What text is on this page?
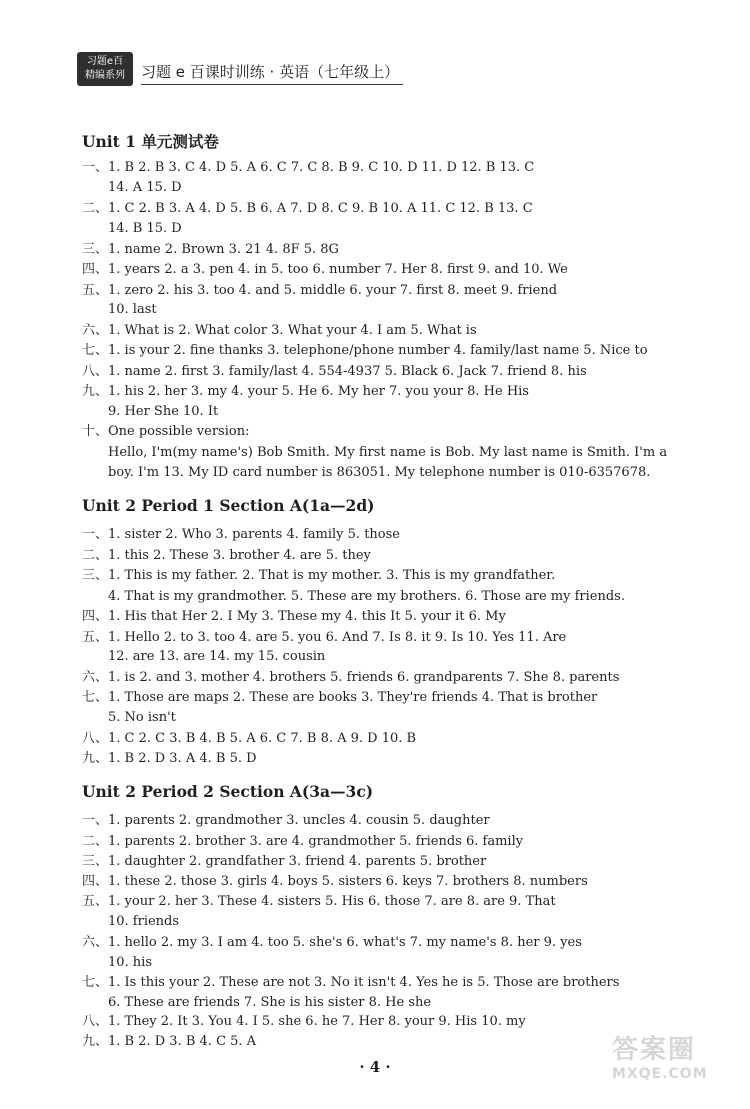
习题e百
精编系列	习题 e 百课时训练 · 英语（七年级上）
Unit 1 单元测试卷
一、1. B 2. B 3. C 4. D 5. A 6. C 7. C 8. B 9. C 10. D 11. D 12. B 13. C
14. A 15. D
二、1. C 2. B 3. A 4. D 5. B 6. A 7. D 8. C 9. B 10. A 11. C 12. B 13. C
14. B 15. D
三、1. name 2. Brown 3. 21 4. 8F 5. 8G
四、1. years 2. a 3. pen 4. in 5. too 6. number 7. Her 8. first 9. and 10. We
五、1. zero 2. his 3. too 4. and 5. middle 6. your 7. first 8. meet 9. friend
10. last
六、1. What is 2. What color 3. What your 4. I am 5. What is
七、1. is your 2. fine thanks 3. telephone/phone number 4. family/last name 5. Nice to
八、1. name 2. first 3. family/last 4. 554-4937 5. Black 6. Jack 7. friend 8. his
九、1. his 2. her 3. my 4. your 5. He 6. My her 7. you your 8. He His
9. Her She 10. It
十、One possible version:
Hello, I'm(my name's) Bob Smith. My first name is Bob. My last name is Smith. I'm a
boy. I'm 13. My ID card number is 863051. My telephone number is 010-6357678.
Unit 2 Period 1 Section A(1a—2d)
一、1. sister 2. Who 3. parents 4. family 5. those
二、1. this 2. These 3. brother 4. are 5. they
三、1. This is my father. 2. That is my mother. 3. This is my grandfather.
4. That is my grandmother. 5. These are my brothers. 6. Those are my friends.
四、1. His that Her 2. I My 3. These my 4. this It 5. your it 6. My
五、1. Hello 2. to 3. too 4. are 5. you 6. And 7. Is 8. it 9. Is 10. Yes 11. Are
12. are 13. are 14. my 15. cousin
六、1. is 2. and 3. mother 4. brothers 5. friends 6. grandparents 7. She 8. parents
七、1. Those are maps 2. These are books 3. They're friends 4. That is brother
5. No isn't
八、1. C 2. C 3. B 4. B 5. A 6. C 7. B 8. A 9. D 10. B
九、1. B 2. D 3. A 4. B 5. D
Unit 2 Period 2 Section A(3a—3c)
一、1. parents 2. grandmother 3. uncles 4. cousin 5. daughter
二、1. parents 2. brother 3. are 4. grandmother 5. friends 6. family
三、1. daughter 2. grandfather 3. friend 4. parents 5. brother
四、1. these 2. those 3. girls 4. boys 5. sisters 6. keys 7. brothers 8. numbers
五、1. your 2. her 3. These 4. sisters 5. His 6. those 7. are 8. are 9. That
10. friends
六、1. hello 2. my 3. I am 4. too 5. she's 6. what's 7. my name's 8. her 9. yes
10. his
七、1. Is this your 2. These are not 3. No it isn't 4. Yes he is 5. Those are brothers
6. These are friends 7. She is his sister 8. He she
八、1. They 2. It 3. You 4. I 5. she 6. he 7. Her 8. your 9. His 10. my
九、1. B 2. D 3. B 4. C 5. A
· 4 ·
答案圈
MXQE.COM
